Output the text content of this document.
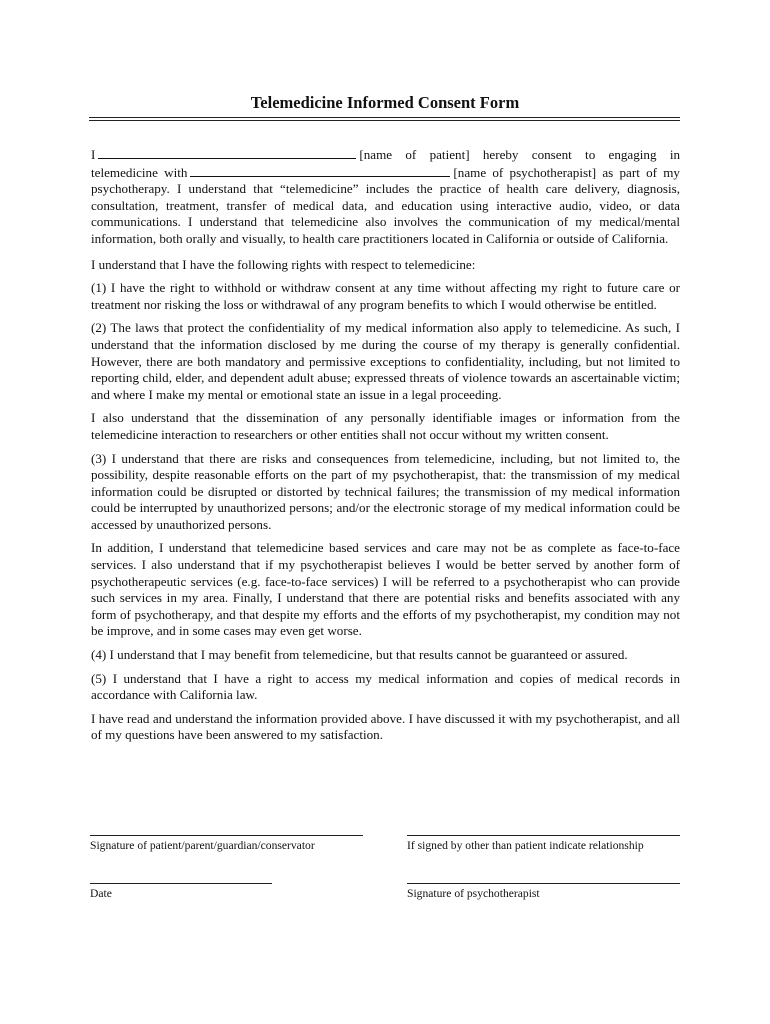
Telemedicine Informed Consent Form

I	[name of patient] hereby consent to engaging in telemedicine with	[name of psychotherapist] as part of my psychotherapy. I understand that “telemedicine” includes the practice of health care delivery, diagnosis, consultation, treatment, transfer of medical data, and education using interactive audio, video, or data communications. I understand that telemedicine also involves the communication of my medical/mental information, both orally and visually, to health care practitioners located in California or outside of California.

I understand that I have the following rights with respect to telemedicine:

(1) I have the right to withhold or withdraw consent at any time without affecting my right to future care or treatment nor risking the loss or withdrawal of any program benefits to which I would otherwise be entitled.

(2) The laws that protect the confidentiality of my medical information also apply to telemedicine. As such, I understand that the information disclosed by me during the course of my therapy is generally confidential. However, there are both mandatory and permissive exceptions to confidentiality, including, but not limited to reporting child, elder, and dependent adult abuse; expressed threats of violence towards an ascertainable victim; and where I make my mental or emotional state an issue in a legal proceeding.

I also understand that the dissemination of any personally identifiable images or information from the telemedicine interaction to researchers or other entities shall not occur without my written consent.

(3) I understand that there are risks and consequences from telemedicine, including, but not limited to, the possibility, despite reasonable efforts on the part of my psychotherapist, that: the transmission of my medical information could be disrupted or distorted by technical failures; the transmission of my medical information could be interrupted by unauthorized persons; and/or the electronic storage of my medical information could be accessed by unauthorized persons.

In addition, I understand that telemedicine based services and care may not be as complete as face-to-face services. I also understand that if my psychotherapist believes I would be better served by another form of psychotherapeutic services (e.g. face-to-face services) I will be referred to a psychotherapist who can provide such services in my area. Finally, I understand that there are potential risks and benefits associated with any form of psychotherapy, and that despite my efforts and the efforts of my psychotherapist, my condition may not be improve, and in some cases may even get worse.

(4) I understand that I may benefit from telemedicine, but that results cannot be guaranteed or assured.

(5) I understand that I have a right to access my medical information and copies of medical records in accordance with California law.

I have read and understand the information provided above. I have discussed it with my psychotherapist, and all of my questions have been answered to my satisfaction.

Signature of patient/parent/guardian/conservator	If signed by other than patient indicate relationship
Date	Signature of psychotherapist
